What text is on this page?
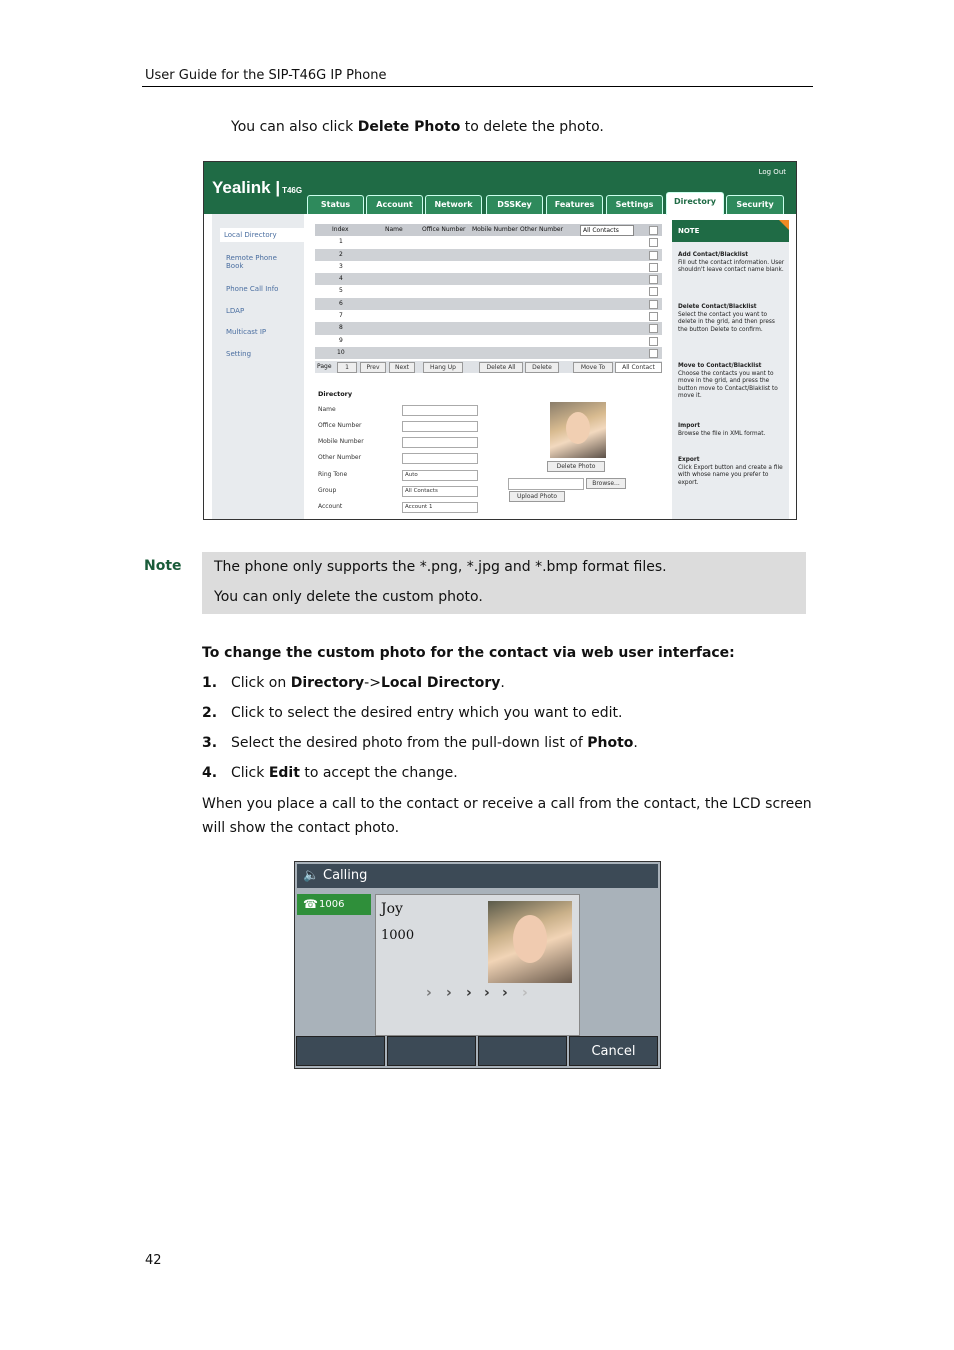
User Guide for the SIP-T46G IP Phone
You can also click Delete Photo to delete the photo.
Yealink | T46G
Log Out
Status	Account	Network	DSSKey	Features	Settings	Directory	Security
Local Directory
Remote Phone Book
Phone Call Info
LDAP
Multicast IP
Setting
Index	Name	Office Number Mobile Number Other Number	All Contacts
1
2
3
4
5
6
7
8
9
10
Page	1	Prev	Next	Hang Up	Delete All	Delete	Move To	All Contact
Directory
Name
Office Number
Mobile Number
Other Number
Ring Tone	Auto
Group	All Contacts
Account	Account 1
Delete Photo
Browse...
Upload Photo
NOTE
Add Contact/Blacklist
Fill out the contact information. User shouldn't leave contact name blank.
Delete Contact/Blacklist
Select the contact you want to delete in the grid, and then press the button Delete to confirm.
Move to Contact/Blacklist
Choose the contacts you want to move in the grid, and press the button move to Contact/Blaklist to move it.
Import
Browse the file in XML format.
Export
Click Export button and create a file with whose name you prefer to export.
Note The phone only supports the *.png, *.jpg and *.bmp format files.
You can only delete the custom photo.
To change the custom photo for the contact via web user interface:
1. Click on Directory->Local Directory.
2. Click to select the desired entry which you want to edit.
3. Select the desired photo from the pull-down list of Photo.
4. Click Edit to accept the change.
When you place a call to the contact or receive a call from the contact, the LCD screen
will show the contact photo.
🔈 Calling
☎ 1006	Joy
1000
› › › › › ›
Cancel
42
